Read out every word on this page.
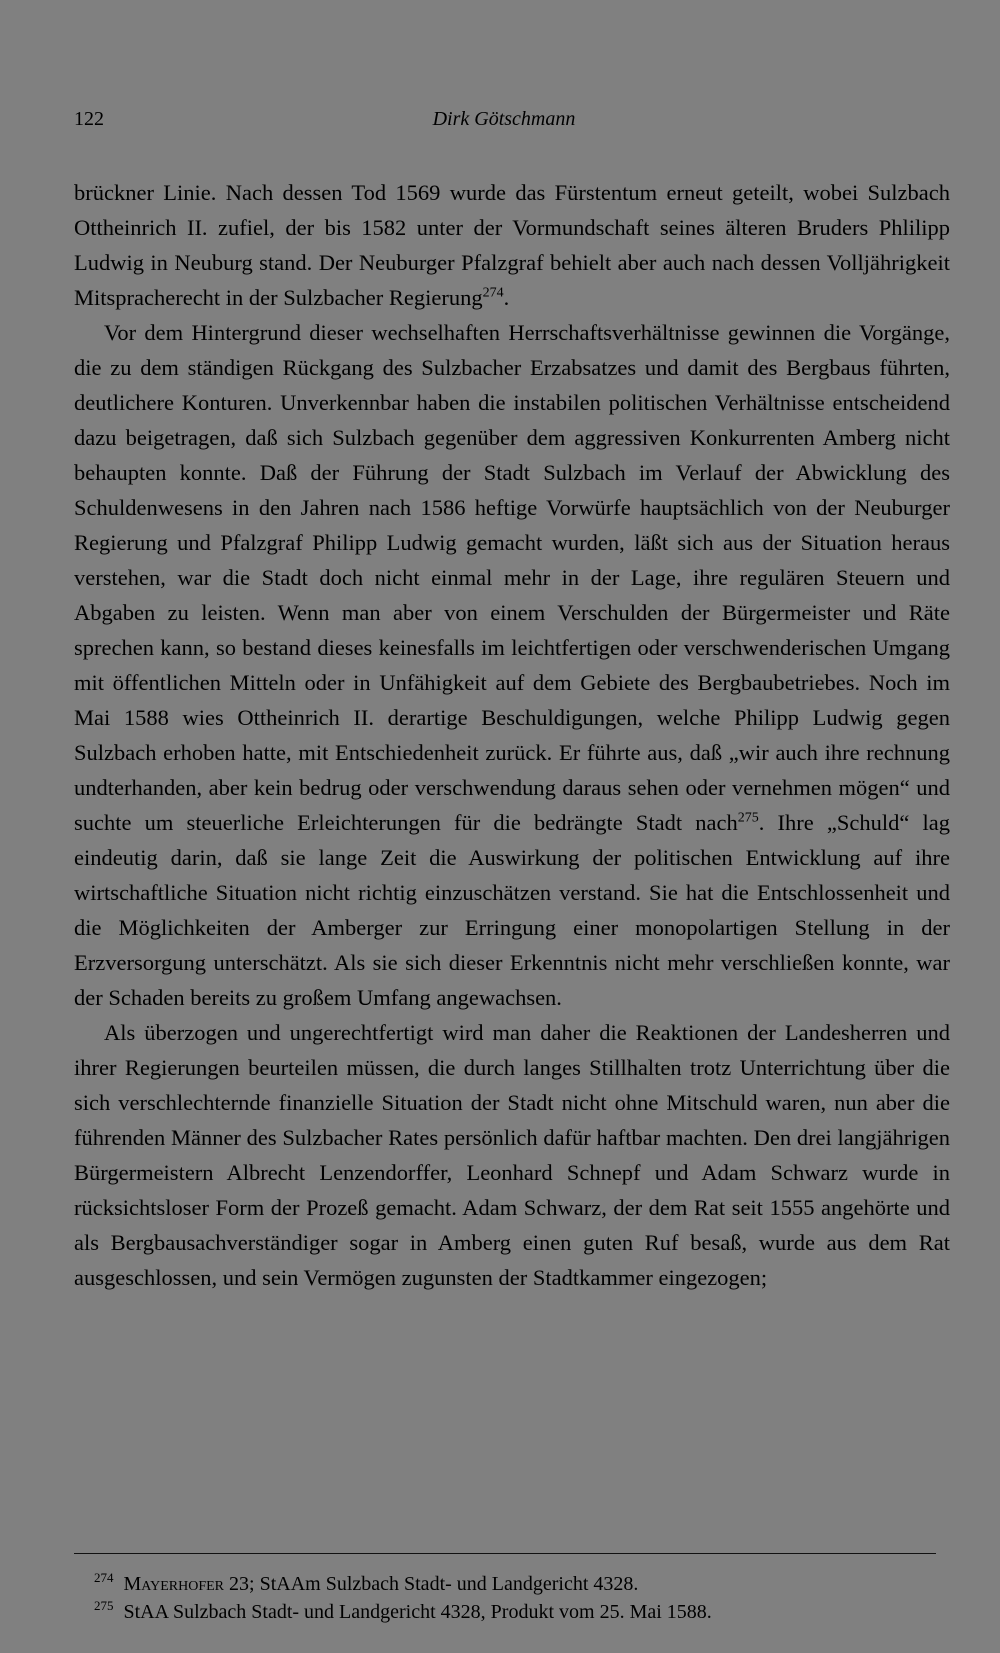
122	Dirk Götschmann

brückner Linie. Nach dessen Tod 1569 wurde das Fürstentum erneut geteilt, wobei Sulzbach Ottheinrich II. zufiel, der bis 1582 unter der Vormundschaft seines älteren Bruders Phlilipp Ludwig in Neuburg stand. Der Neuburger Pfalzgraf behielt aber auch nach dessen Volljährigkeit Mitspracherecht in der Sulzbacher Regierung$^{274}$.

Vor dem Hintergrund dieser wechselhaften Herrschaftsverhältnisse gewinnen die Vorgänge, die zu dem ständigen Rückgang des Sulzbacher Erzabsatzes und damit des Bergbaus führten, deutlichere Konturen. Unverkennbar haben die instabilen politischen Verhältnisse entscheidend dazu beigetragen, daß sich Sulzbach gegenüber dem aggressiven Konkurrenten Amberg nicht behaupten konnte. Daß der Führung der Stadt Sulzbach im Verlauf der Abwicklung des Schuldenwesens in den Jahren nach 1586 heftige Vorwürfe hauptsächlich von der Neuburger Regierung und Pfalzgraf Philipp Ludwig gemacht wurden, läßt sich aus der Situation heraus verstehen, war die Stadt doch nicht einmal mehr in der Lage, ihre regulären Steuern und Abgaben zu leisten. Wenn man aber von einem Verschulden der Bürgermeister und Räte sprechen kann, so bestand dieses keinesfalls im leichtfertigen oder verschwenderischen Umgang mit öffentlichen Mitteln oder in Unfähigkeit auf dem Gebiete des Bergbaubetriebes. Noch im Mai 1588 wies Ottheinrich II. derartige Beschuldigungen, welche Philipp Ludwig gegen Sulzbach erhoben hatte, mit Entschiedenheit zurück. Er führte aus, daß „wir auch ihre rechnung undterhanden, aber kein bedrug oder verschwendung daraus sehen oder vernehmen mögen“ und suchte um steuerliche Erleichterungen für die bedrängte Stadt nach$^{275}$. Ihre „Schuld“ lag eindeutig darin, daß sie lange Zeit die Auswirkung der politischen Entwicklung auf ihre wirtschaftliche Situation nicht richtig einzuschätzen verstand. Sie hat die Entschlossenheit und die Möglichkeiten der Amberger zur Erringung einer monopolartigen Stellung in der Erzversorgung unterschätzt. Als sie sich dieser Erkenntnis nicht mehr verschließen konnte, war der Schaden bereits zu großem Umfang angewachsen.

Als überzogen und ungerechtfertigt wird man daher die Reaktionen der Landesherren und ihrer Regierungen beurteilen müssen, die durch langes Stillhalten trotz Unterrichtung über die sich verschlechternde finanzielle Situation der Stadt nicht ohne Mitschuld waren, nun aber die führenden Männer des Sulzbacher Rates persönlich dafür haftbar machten. Den drei langjährigen Bürgermeistern Albrecht Lenzendorffer, Leonhard Schnepf und Adam Schwarz wurde in rücksichtsloser Form der Prozeß gemacht. Adam Schwarz, der dem Rat seit 1555 angehörte und als Bergbausachverständiger sogar in Amberg einen guten Ruf besaß, wurde aus dem Rat ausgeschlossen, und sein Vermögen zugunsten der Stadtkammer eingezogen;

$^{274}$ Mayerhofer 23; StAAm Sulzbach Stadt- und Landgericht 4328.

$^{275}$ StAA Sulzbach Stadt- und Landgericht 4328, Produkt vom 25. Mai 1588.
